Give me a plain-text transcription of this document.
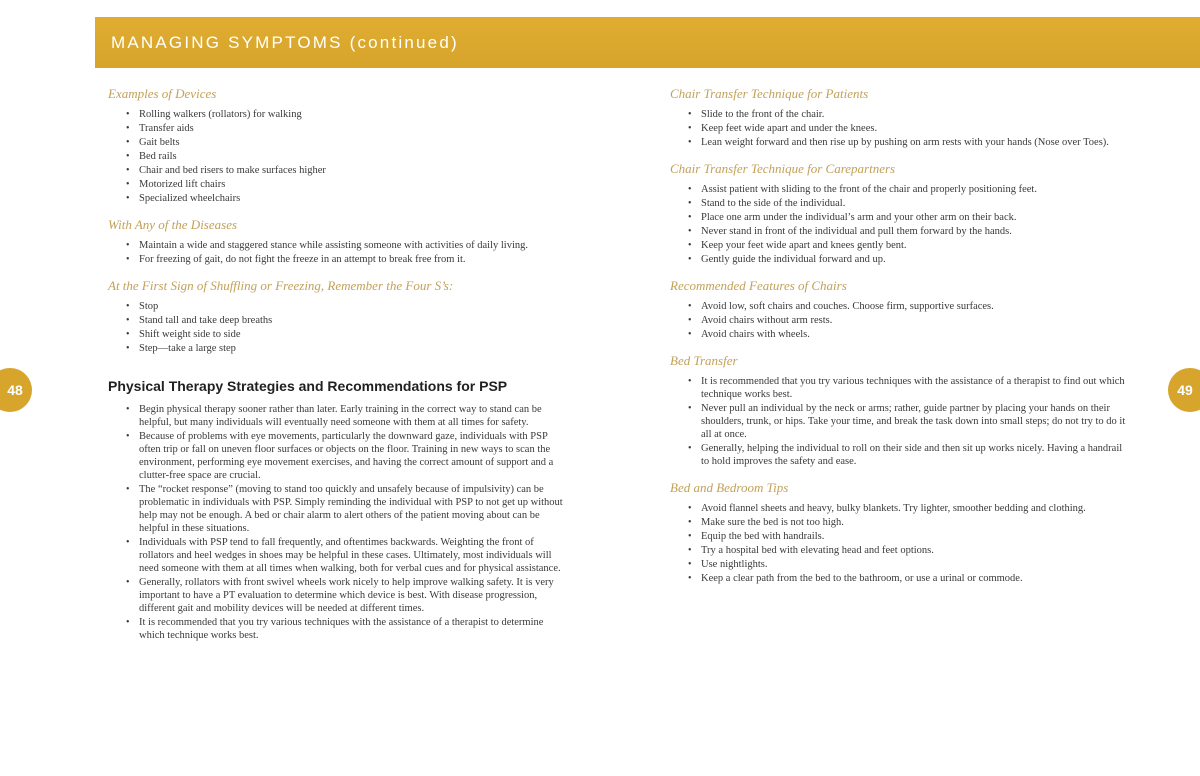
MANAGING SYMPTOMS (continued)
48	49
Examples of Devices
• Rolling walkers (rollators) for walking
• Transfer aids
• Gait belts
• Bed rails
• Chair and bed risers to make surfaces higher
• Motorized lift chairs
• Specialized wheelchairs
With Any of the Diseases
• Maintain a wide and staggered stance while assisting someone with activities of daily living.
• For freezing of gait, do not fight the freeze in an attempt to break free from it.
At the First Sign of Shuffling or Freezing, Remember the Four S’s:
• Stop
• Stand tall and take deep breaths
• Shift weight side to side
• Step—take a large step
Physical Therapy Strategies and Recommendations for PSP
• Begin physical therapy sooner rather than later. Early training in the correct way to stand can be helpful, but many individuals will eventually need someone with them at all times for safety.
• Because of problems with eye movements, particularly the downward gaze, individuals with PSP often trip or fall on uneven floor surfaces or objects on the floor. Training in new ways to scan the environment, performing eye movement exercises, and having the correct amount of support and a clutter-free space are crucial.
• The “rocket response” (moving to stand too quickly and unsafely because of impulsivity) can be problematic in individuals with PSP. Simply reminding the individual with PSP to not get up without help may not be enough. A bed or chair alarm to alert others of the patient moving about can be helpful in these situations.
• Individuals with PSP tend to fall frequently, and oftentimes backwards. Weighting the front of rollators and heel wedges in shoes may be helpful in these cases. Ultimately, most individuals will need someone with them at all times when walking, both for verbal cues and for physical assistance.
• Generally, rollators with front swivel wheels work nicely to help improve walking safety. It is very important to have a PT evaluation to determine which device is best. With disease progression, different gait and mobility devices will be needed at different times.
• It is recommended that you try various techniques with the assistance of a therapist to determine which technique works best.
Chair Transfer Technique for Patients
• Slide to the front of the chair.
• Keep feet wide apart and under the knees.
• Lean weight forward and then rise up by pushing on arm rests with your hands (Nose over Toes).
Chair Transfer Technique for Carepartners
• Assist patient with sliding to the front of the chair and properly positioning feet.
• Stand to the side of the individual.
• Place one arm under the individual’s arm and your other arm on their back.
• Never stand in front of the individual and pull them forward by the hands.
• Keep your feet wide apart and knees gently bent.
• Gently guide the individual forward and up.
Recommended Features of Chairs
• Avoid low, soft chairs and couches. Choose firm, supportive surfaces.
• Avoid chairs without arm rests.
• Avoid chairs with wheels.
Bed Transfer
• It is recommended that you try various techniques with the assistance of a therapist to find out which technique works best.
• Never pull an individual by the neck or arms; rather, guide partner by placing your hands on their shoulders, trunk, or hips. Take your time, and break the task down into small steps; do not try to do it all at once.
• Generally, helping the individual to roll on their side and then sit up works nicely. Having a handrail to hold improves the safety and ease.
Bed and Bedroom Tips
• Avoid flannel sheets and heavy, bulky blankets. Try lighter, smoother bedding and clothing.
• Make sure the bed is not too high.
• Equip the bed with handrails.
• Try a hospital bed with elevating head and feet options.
• Use nightlights.
• Keep a clear path from the bed to the bathroom, or use a urinal or commode.
